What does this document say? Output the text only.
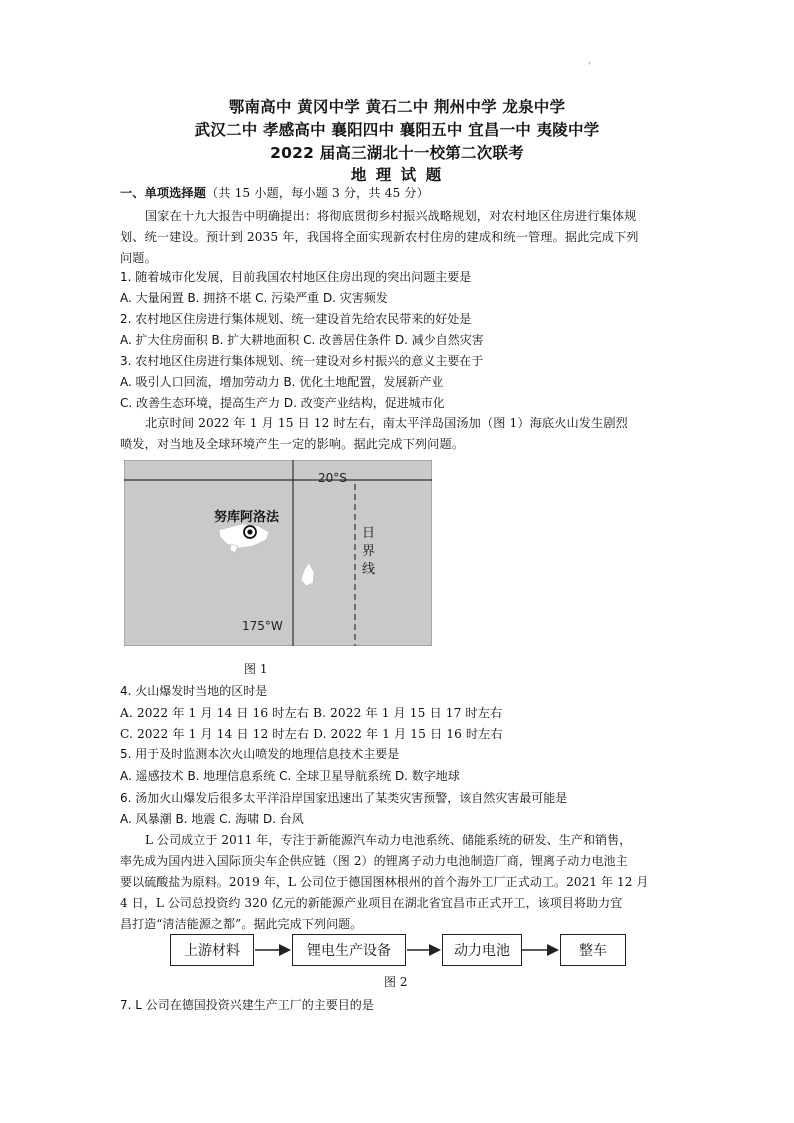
'
鄂南高中 黄冈中学 黄石二中 荆州中学 龙泉中学
武汉二中 孝感高中 襄阳四中 襄阳五中 宜昌一中 夷陵中学
2022 届高三湖北十一校第二次联考
地 理 试 题
一、单项选择题（共 15 小题，每小题 3 分，共 45 分）
国家在十九大报告中明确提出：将彻底贯彻乡村振兴战略规划，对农村地区住房进行集体规
划、统一建设。预计到 2035 年，我国将全面实现新农村住房的建成和统一管理。据此完成下列
问题。
1. 随着城市化发展，目前我国农村地区住房出现的突出问题主要是
A. 大量闲置 B. 拥挤不堪 C. 污染严重 D. 灾害频发
2. 农村地区住房进行集体规划、统一建设首先给农民带来的好处是
A. 扩大住房面积 B. 扩大耕地面积 C. 改善居住条件 D. 减少自然灾害
3. 农村地区住房进行集体规划、统一建设对乡村振兴的意义主要在于
A. 吸引人口回流，增加劳动力 B. 优化土地配置，发展新产业
C. 改善生态环境，提高生产力 D. 改变产业结构，促进城市化
北京时间 2022 年 1 月 15 日 12 时左右，南太平洋岛国汤加（图 1）海底火山发生剧烈
喷发，对当地及全球环境产生一定的影响。据此完成下列问题。
20°S
努库阿洛法
日
界
线
175°W
图 1
4. 火山爆发时当地的区时是
A. 2022 年 1 月 14 日 16 时左右 B. 2022 年 1 月 15 日 17 时左右
C. 2022 年 1 月 14 日 12 时左右 D. 2022 年 1 月 15 日 16 时左右
5. 用于及时监测本次火山喷发的地理信息技术主要是
A. 遥感技术 B. 地理信息系统 C. 全球卫星导航系统 D. 数字地球
6. 汤加火山爆发后很多太平洋沿岸国家迅速出了某类灾害预警，该自然灾害最可能是
A. 风暴潮 B. 地震 C. 海啸 D. 台风
L 公司成立于 2011 年，专注于新能源汽车动力电池系统、储能系统的研发、生产和销售，
率先成为国内进入国际顶尖车企供应链（图 2）的锂离子动力电池制造厂商，锂离子动力电池主
要以硫酸盐为原料。2019 年，L 公司位于德国图林根州的首个海外工厂正式动工。2021 年 12 月
4 日，L 公司总投资约 320 亿元的新能源产业项目在湖北省宜昌市正式开工，该项目将助力宜
昌打造“清洁能源之都”。据此完成下列问题。
上游材料	锂电生产设备	动力电池	整车
图 2
7. L 公司在德国投资兴建生产工厂的主要目的是
